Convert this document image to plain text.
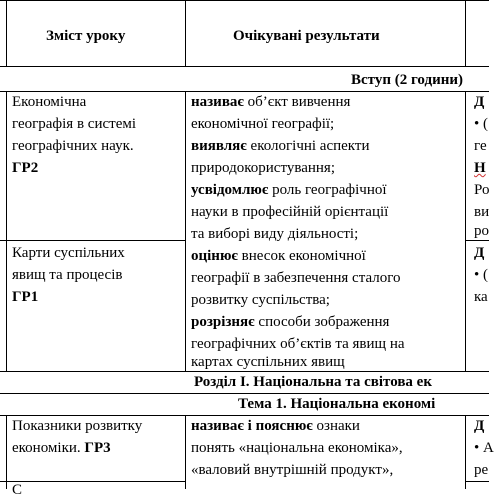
Зміст уроку	Очікувані результати
Вступ (2 години)
Економічна
географія в системі
географічних наук.
ГР2
називає об’єкт вивчення
економічної географії;
виявляє екологічні аспекти
природокористування;
усвідомлює роль географічної
науки в професійній орієнтації
та виборі виду діяльності;
оцінює внесок економічної
географії в забезпечення сталого
розвитку суспільства;
розрізняє способи зображення
географічних об’єктів та явищ на
картах суспільних явищ
Д
• (
ге
Н
Ро
ви
ро
Карти суспільних
явищ та процесів
ГР1
Д
• (
ка
Розділ І. Національна та світова ек
Тема 1. Національна економі
Показники розвитку
економіки. ГР3
С
називає і пояснює ознаки
понять «національна економіка»,
«валовий внутрішній продукт»,
Д
• А
ре
